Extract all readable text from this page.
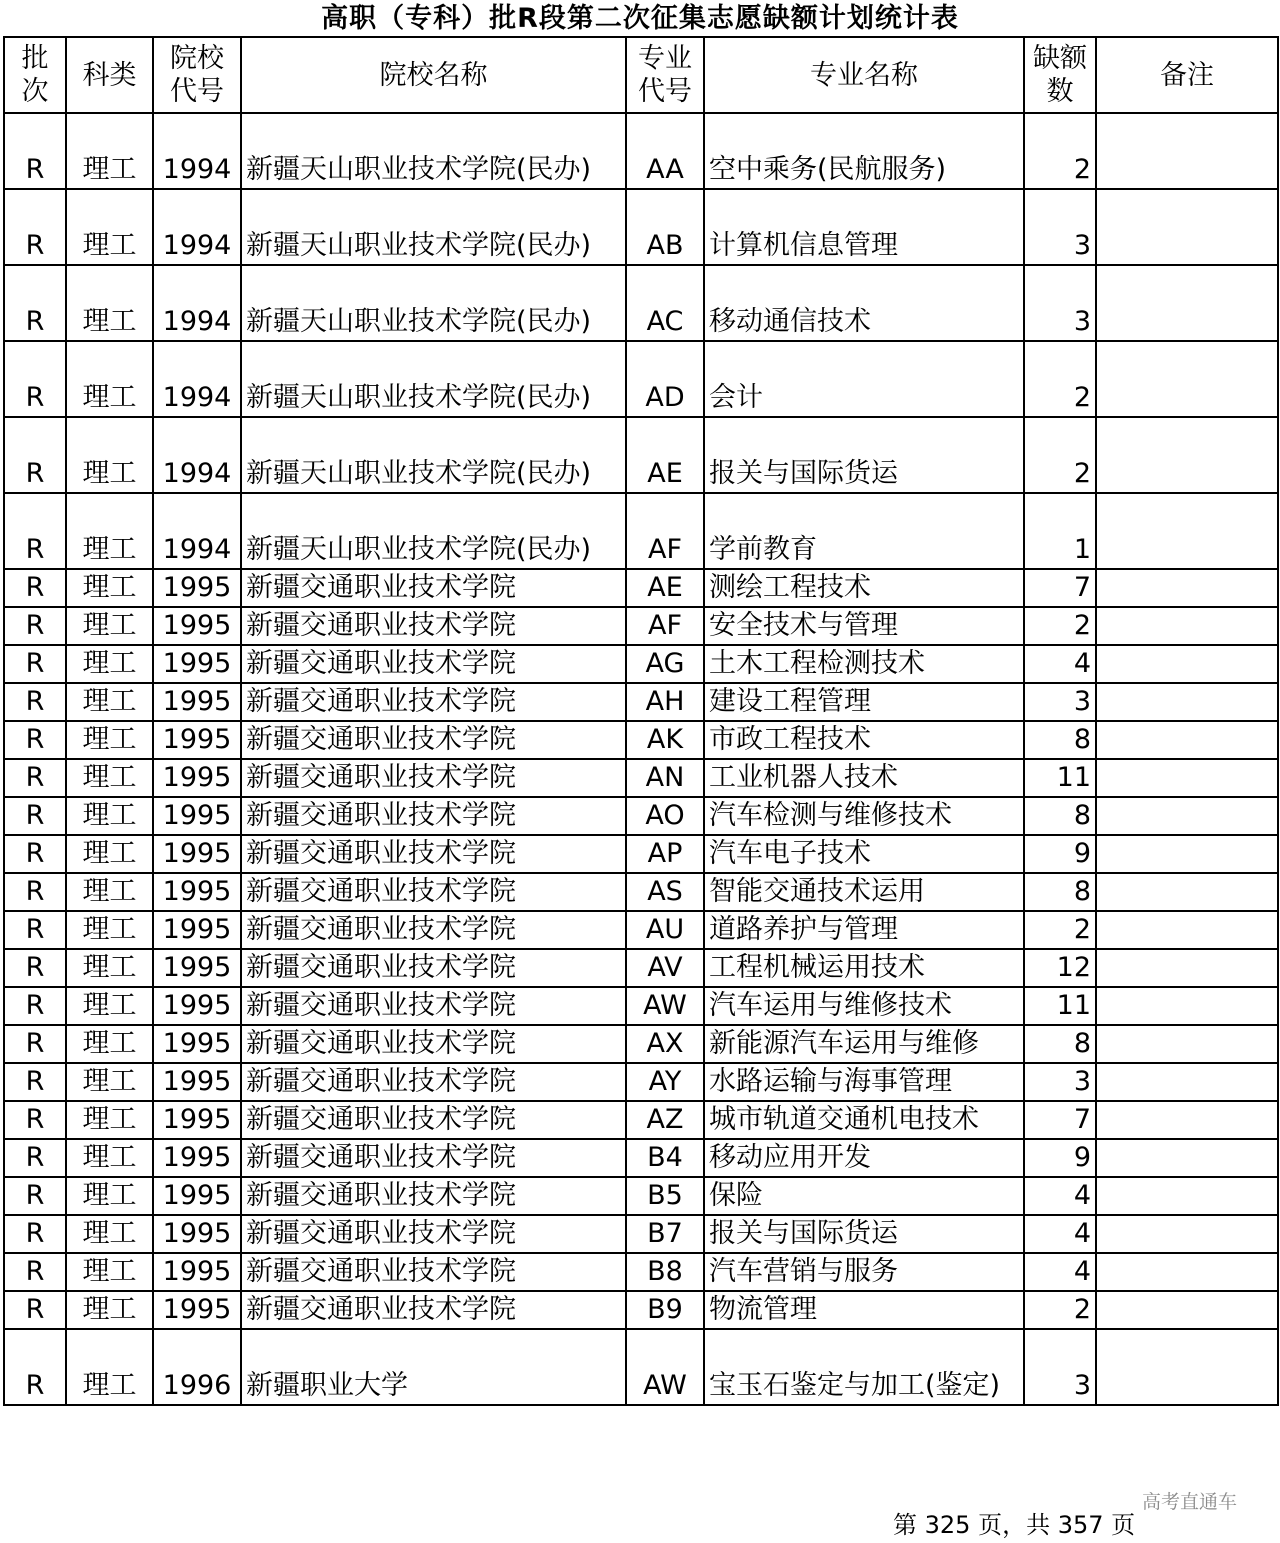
高职（专科）批R段第二次征集志愿缺额计划统计表
批次	科类	院校代号	院校名称	专业代号	专业名称	缺额数	备注
R	理工	1994	新疆天山职业技术学院(民办)	AA	空中乘务(民航服务)	2	
R	理工	1994	新疆天山职业技术学院(民办)	AB	计算机信息管理	3	
R	理工	1994	新疆天山职业技术学院(民办)	AC	移动通信技术	3	
R	理工	1994	新疆天山职业技术学院(民办)	AD	会计	2	
R	理工	1994	新疆天山职业技术学院(民办)	AE	报关与国际货运	2	
R	理工	1994	新疆天山职业技术学院(民办)	AF	学前教育	1	
R	理工	1995	新疆交通职业技术学院	AE	测绘工程技术	7	
R	理工	1995	新疆交通职业技术学院	AF	安全技术与管理	2	
R	理工	1995	新疆交通职业技术学院	AG	土木工程检测技术	4	
R	理工	1995	新疆交通职业技术学院	AH	建设工程管理	3	
R	理工	1995	新疆交通职业技术学院	AK	市政工程技术	8	
R	理工	1995	新疆交通职业技术学院	AN	工业机器人技术	11	
R	理工	1995	新疆交通职业技术学院	AO	汽车检测与维修技术	8	
R	理工	1995	新疆交通职业技术学院	AP	汽车电子技术	9	
R	理工	1995	新疆交通职业技术学院	AS	智能交通技术运用	8	
R	理工	1995	新疆交通职业技术学院	AU	道路养护与管理	2	
R	理工	1995	新疆交通职业技术学院	AV	工程机械运用技术	12	
R	理工	1995	新疆交通职业技术学院	AW	汽车运用与维修技术	11	
R	理工	1995	新疆交通职业技术学院	AX	新能源汽车运用与维修	8	
R	理工	1995	新疆交通职业技术学院	AY	水路运输与海事管理	3	
R	理工	1995	新疆交通职业技术学院	AZ	城市轨道交通机电技术	7	
R	理工	1995	新疆交通职业技术学院	B4	移动应用开发	9	
R	理工	1995	新疆交通职业技术学院	B5	保险	4	
R	理工	1995	新疆交通职业技术学院	B7	报关与国际货运	4	
R	理工	1995	新疆交通职业技术学院	B8	汽车营销与服务	4	
R	理工	1995	新疆交通职业技术学院	B9	物流管理	2	
R	理工	1996	新疆职业大学	AW	宝玉石鉴定与加工(鉴定)	3	
高考直通车
第 325 页，共 357 页
